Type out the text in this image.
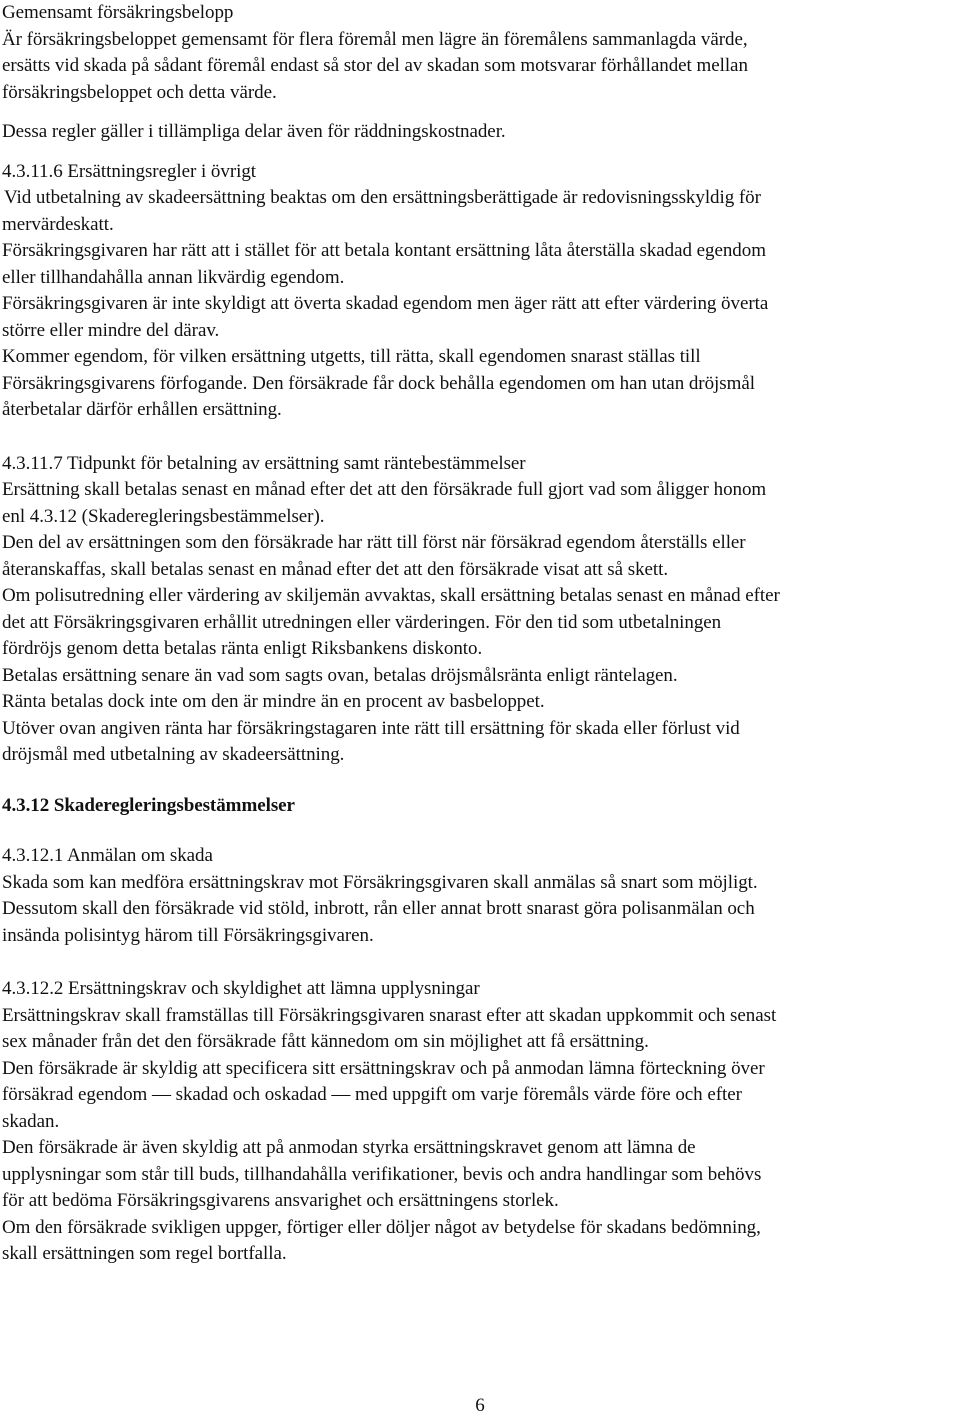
Gemensamt försäkringsbelopp
Är försäkringsbeloppet gemensamt för flera föremål men lägre än föremålens sammanlagda värde,
ersätts vid skada på sådant föremål endast så stor del av skadan som motsvarar förhållandet mellan
försäkringsbeloppet och detta värde.
Dessa regler gäller i tillämpliga delar även för räddningskostnader.
4.3.11.6 Ersättningsregler i övrigt
Vid utbetalning av skadeersättning beaktas om den ersättningsberättigade är redovisningsskyldig för
mervärdeskatt.
Försäkringsgivaren har rätt att i stället för att betala kontant ersättning låta återställa skadad egendom
eller tillhandahålla annan likvärdig egendom.
Försäkringsgivaren är inte skyldigt att överta skadad egendom men äger rätt att efter värdering överta
större eller mindre del därav.
Kommer egendom, för vilken ersättning utgetts, till rätta, skall egendomen snarast ställas till
Försäkringsgivarens förfogande. Den försäkrade får dock behålla egendomen om han utan dröjsmål
återbetalar därför erhållen ersättning.
4.3.11.7 Tidpunkt för betalning av ersättning samt räntebestämmelser
Ersättning skall betalas senast en månad efter det att den försäkrade full gjort vad som åligger honom
enl 4.3.12 (Skaderegleringsbestämmelser).
Den del av ersättningen som den försäkrade har rätt till först när försäkrad egendom återställs eller
återanskaffas, skall betalas senast en månad efter det att den försäkrade visat att så skett.
Om polisutredning eller värdering av skiljemän avvaktas, skall ersättning betalas senast en månad efter
det att Försäkringsgivaren erhållit utredningen eller värderingen. För den tid som utbetalningen
fördröjs genom detta betalas ränta enligt Riksbankens diskonto.
Betalas ersättning senare än vad som sagts ovan, betalas dröjsmålsränta enligt räntelagen.
Ränta betalas dock inte om den är mindre än en procent av basbeloppet.
Utöver ovan angiven ränta har försäkringstagaren inte rätt till ersättning för skada eller förlust vid
dröjsmål med utbetalning av skadeersättning.
4.3.12 Skaderegleringsbestämmelser
4.3.12.1 Anmälan om skada
Skada som kan medföra ersättningskrav mot Försäkringsgivaren skall anmälas så snart som möjligt.
Dessutom skall den försäkrade vid stöld, inbrott, rån eller annat brott snarast göra polisanmälan och
insända polisintyg härom till Försäkringsgivaren.
4.3.12.2 Ersättningskrav och skyldighet att lämna upplysningar
Ersättningskrav skall framställas till Försäkringsgivaren snarast efter att skadan uppkommit och senast
sex månader från det den försäkrade fått kännedom om sin möjlighet att få ersättning.
Den försäkrade är skyldig att specificera sitt ersättningskrav och på anmodan lämna förteckning över
försäkrad egendom — skadad och oskadad — med uppgift om varje föremåls värde före och efter
skadan.
Den försäkrade är även skyldig att på anmodan styrka ersättningskravet genom att lämna de
upplysningar som står till buds, tillhandahålla verifikationer, bevis och andra handlingar som behövs
för att bedöma Försäkringsgivarens ansvarighet och ersättningens storlek.
Om den försäkrade svikligen uppger, förtiger eller döljer något av betydelse för skadans bedömning,
skall ersättningen som regel bortfalla.
6
